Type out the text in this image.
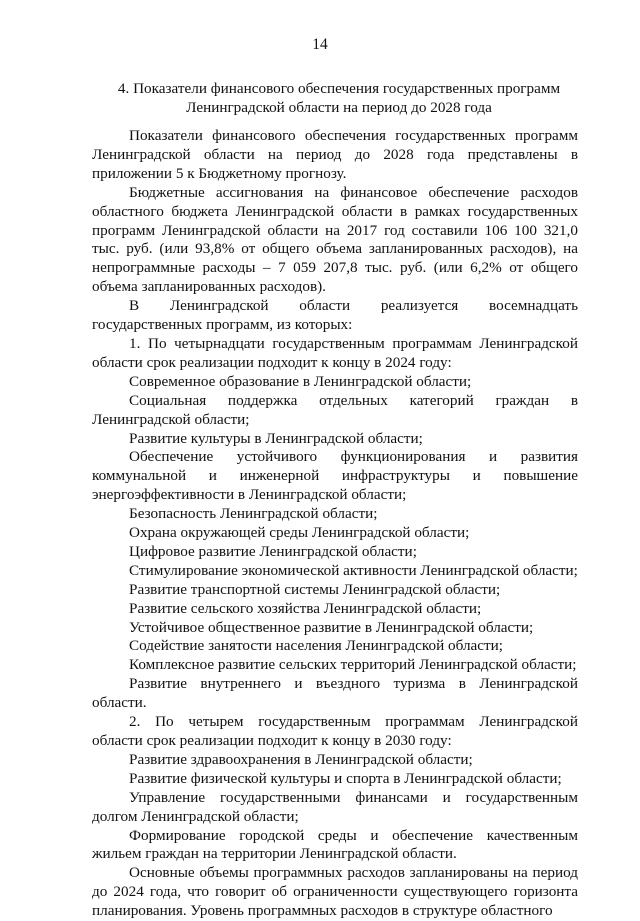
14
4. Показатели финансового обеспечения государственных программ
Ленинградской области на период до 2028 года

Показатели финансового обеспечения государственных программ Ленинградской области на период до 2028 года представлены в приложении 5 к Бюджетному прогнозу.

Бюджетные ассигнования на финансовое обеспечение расходов областного бюджета Ленинградской области в рамках государственных программ Ленинградской области на 2017 год составили 106 100 321,0 тыс. руб. (или 93,8% от общего объема запланированных расходов), на непрограммные расходы – 7 059 207,8 тыс. руб. (или 6,2% от общего объема запланированных расходов).

В Ленинградской области реализуется восемнадцать государственных программ, из которых:

1. По четырнадцати государственным программам Ленинградской области срок реализации подходит к концу в 2024 году:

Современное образование в Ленинградской области;

Социальная поддержка отдельных категорий граждан в Ленинградской области;

Развитие культуры в Ленинградской области;

Обеспечение устойчивого функционирования и развития коммунальной и инженерной инфраструктуры и повышение энергоэффективности в Ленинградской области;

Безопасность Ленинградской области;

Охрана окружающей среды Ленинградской области;

Цифровое развитие Ленинградской области;

Стимулирование экономической активности Ленинградской области;

Развитие транспортной системы Ленинградской области;

Развитие сельского хозяйства Ленинградской области;

Устойчивое общественное развитие в Ленинградской области;

Содействие занятости населения Ленинградской области;

Комплексное развитие сельских территорий Ленинградской области;

Развитие внутреннего и въездного туризма в Ленинградской области.

2. По четырем государственным программам Ленинградской области срок реализации подходит к концу в 2030 году:

Развитие здравоохранения в Ленинградской области;

Развитие физической культуры и спорта в Ленинградской области;

Управление государственными финансами и государственным долгом Ленинградской области;

Формирование городской среды и обеспечение качественным жильем граждан на территории Ленинградской области.

Основные объемы программных расходов запланированы на период до 2024 года, что говорит об ограниченности существующего горизонта планирования. Уровень программных расходов в структуре областного
